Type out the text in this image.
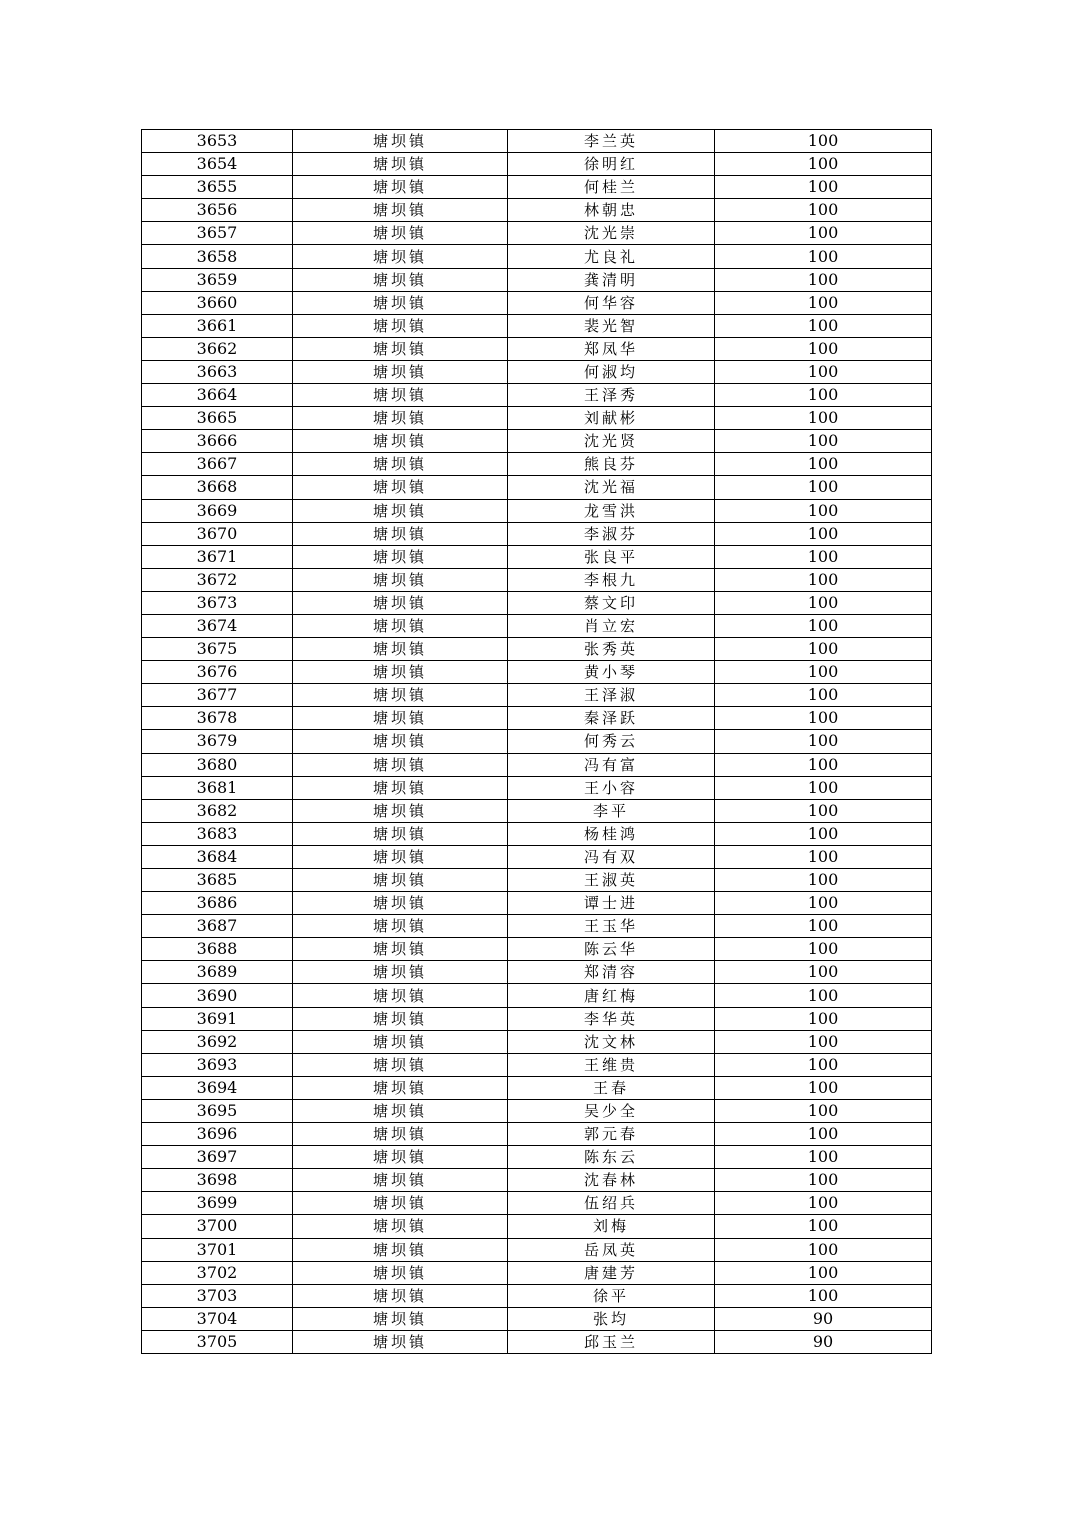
3653	塘坝镇	李兰英	100
3654	塘坝镇	徐明红	100
3655	塘坝镇	何桂兰	100
3656	塘坝镇	林朝忠	100
3657	塘坝镇	沈光崇	100
3658	塘坝镇	尤良礼	100
3659	塘坝镇	龚清明	100
3660	塘坝镇	何华容	100
3661	塘坝镇	裴光智	100
3662	塘坝镇	郑凤华	100
3663	塘坝镇	何淑均	100
3664	塘坝镇	王泽秀	100
3665	塘坝镇	刘献彬	100
3666	塘坝镇	沈光贤	100
3667	塘坝镇	熊良芬	100
3668	塘坝镇	沈光福	100
3669	塘坝镇	龙雪洪	100
3670	塘坝镇	李淑芬	100
3671	塘坝镇	张良平	100
3672	塘坝镇	李根九	100
3673	塘坝镇	蔡文印	100
3674	塘坝镇	肖立宏	100
3675	塘坝镇	张秀英	100
3676	塘坝镇	黄小琴	100
3677	塘坝镇	王泽淑	100
3678	塘坝镇	秦泽跃	100
3679	塘坝镇	何秀云	100
3680	塘坝镇	冯有富	100
3681	塘坝镇	王小容	100
3682	塘坝镇	李平	100
3683	塘坝镇	杨桂鸿	100
3684	塘坝镇	冯有双	100
3685	塘坝镇	王淑英	100
3686	塘坝镇	谭士进	100
3687	塘坝镇	王玉华	100
3688	塘坝镇	陈云华	100
3689	塘坝镇	郑清容	100
3690	塘坝镇	唐红梅	100
3691	塘坝镇	李华英	100
3692	塘坝镇	沈文林	100
3693	塘坝镇	王维贵	100
3694	塘坝镇	王春	100
3695	塘坝镇	吴少全	100
3696	塘坝镇	郭元春	100
3697	塘坝镇	陈东云	100
3698	塘坝镇	沈春林	100
3699	塘坝镇	伍绍兵	100
3700	塘坝镇	刘梅	100
3701	塘坝镇	岳凤英	100
3702	塘坝镇	唐建芳	100
3703	塘坝镇	徐平	100
3704	塘坝镇	张均	90
3705	塘坝镇	邱玉兰	90
